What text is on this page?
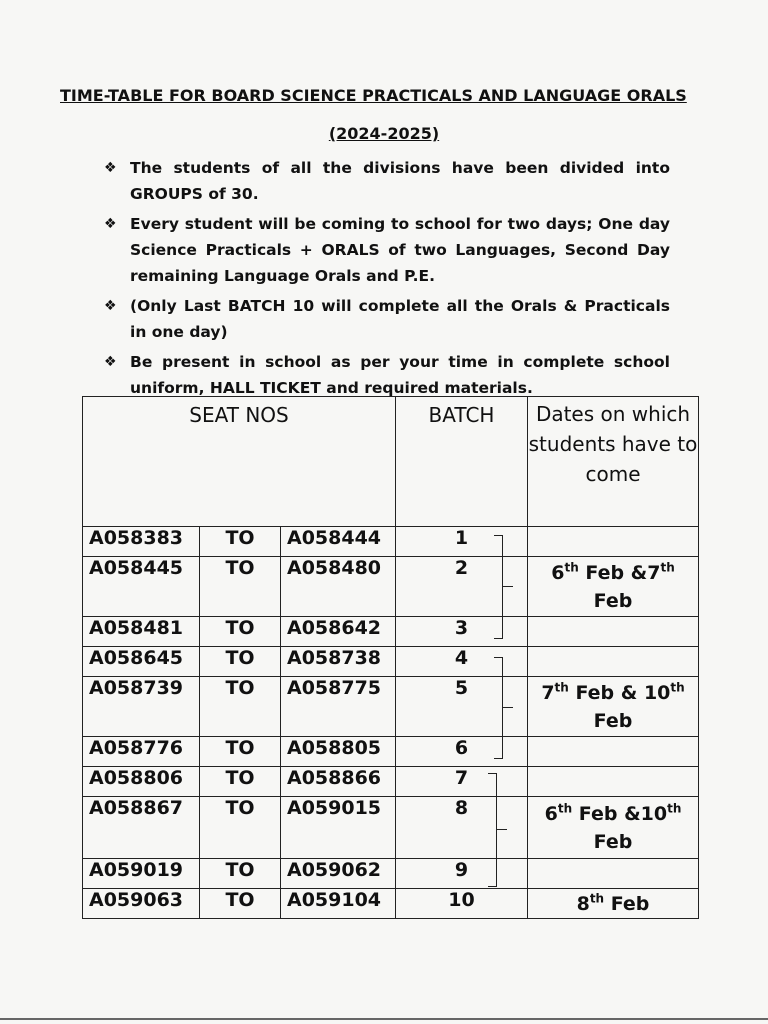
TIME-TABLE FOR BOARD SCIENCE PRACTICALS AND LANGUAGE ORALS
(2024-2025)
❖ The students of all the divisions have been divided into GROUPS of 30.
❖ Every student will be coming to school for two days; One day Science Practicals + ORALS of two Languages, Second Day remaining Language Orals and P.E.
❖ (Only Last BATCH 10 will complete all the Orals & Practicals in one day)
❖ Be present in school as per your time in complete school uniform, HALL TICKET and required materials.
SEAT NOS			BATCH	Dates on which students have to come
A058383	TO	A058444	1

A058445	TO	A058480	2	6th Feb &7th
Feb
A058481	TO	A058642	3	
A058645	TO	A058738	4

A058739	TO	A058775	5	7th Feb & 10th
Feb
A058776	TO	A058805	6	
A058806	TO	A058866	7

A058867	TO	A059015	8	6th Feb &10th
Feb
A059019	TO	A059062	9	
A059063	TO	A059104	10	8th Feb
